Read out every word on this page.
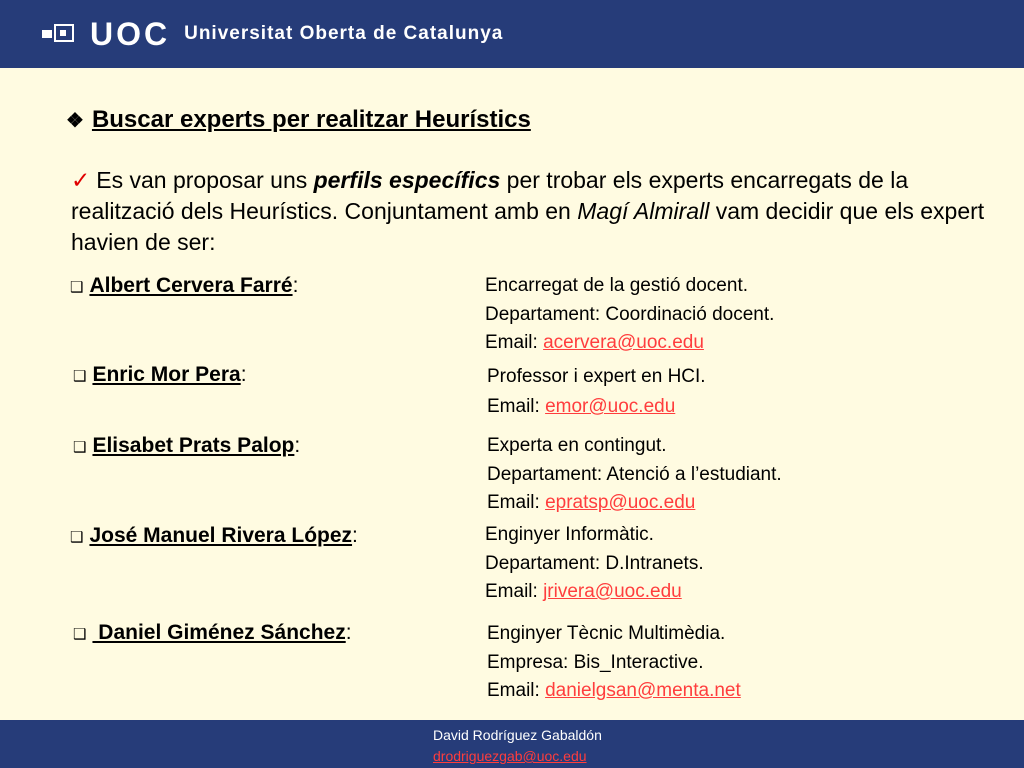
UOC Universitat Oberta de Catalunya
❖ Buscar experts per realitzar Heurístics
✓ Es van proposar uns perfils específics per trobar els experts encarregats de la realització dels Heurístics. Conjuntament amb en Magí Almirall vam decidir que els expert havien de ser:
❑ Albert Cervera Farré:	Encarregat de la gestió docent.
Departament: Coordinació docent.
Email: acervera@uoc.edu
❑ Enric Mor Pera:	Professor i expert en HCI.
Email: emor@uoc.edu
❑ Elisabet Prats Palop:	Experta en contingut.
Departament: Atenció a l’estudiant.
Email: epratsp@uoc.edu
❑ José Manuel Rivera López:	Enginyer Informàtic.
Departament: D.Intranets.
Email: jrivera@uoc.edu
❑ Daniel Giménez Sánchez:	Enginyer Tècnic Multimèdia.
Empresa: Bis_Interactive.
Email: danielgsan@menta.net
David Rodríguez Gabaldón
drodriguezgab@uoc.edu
